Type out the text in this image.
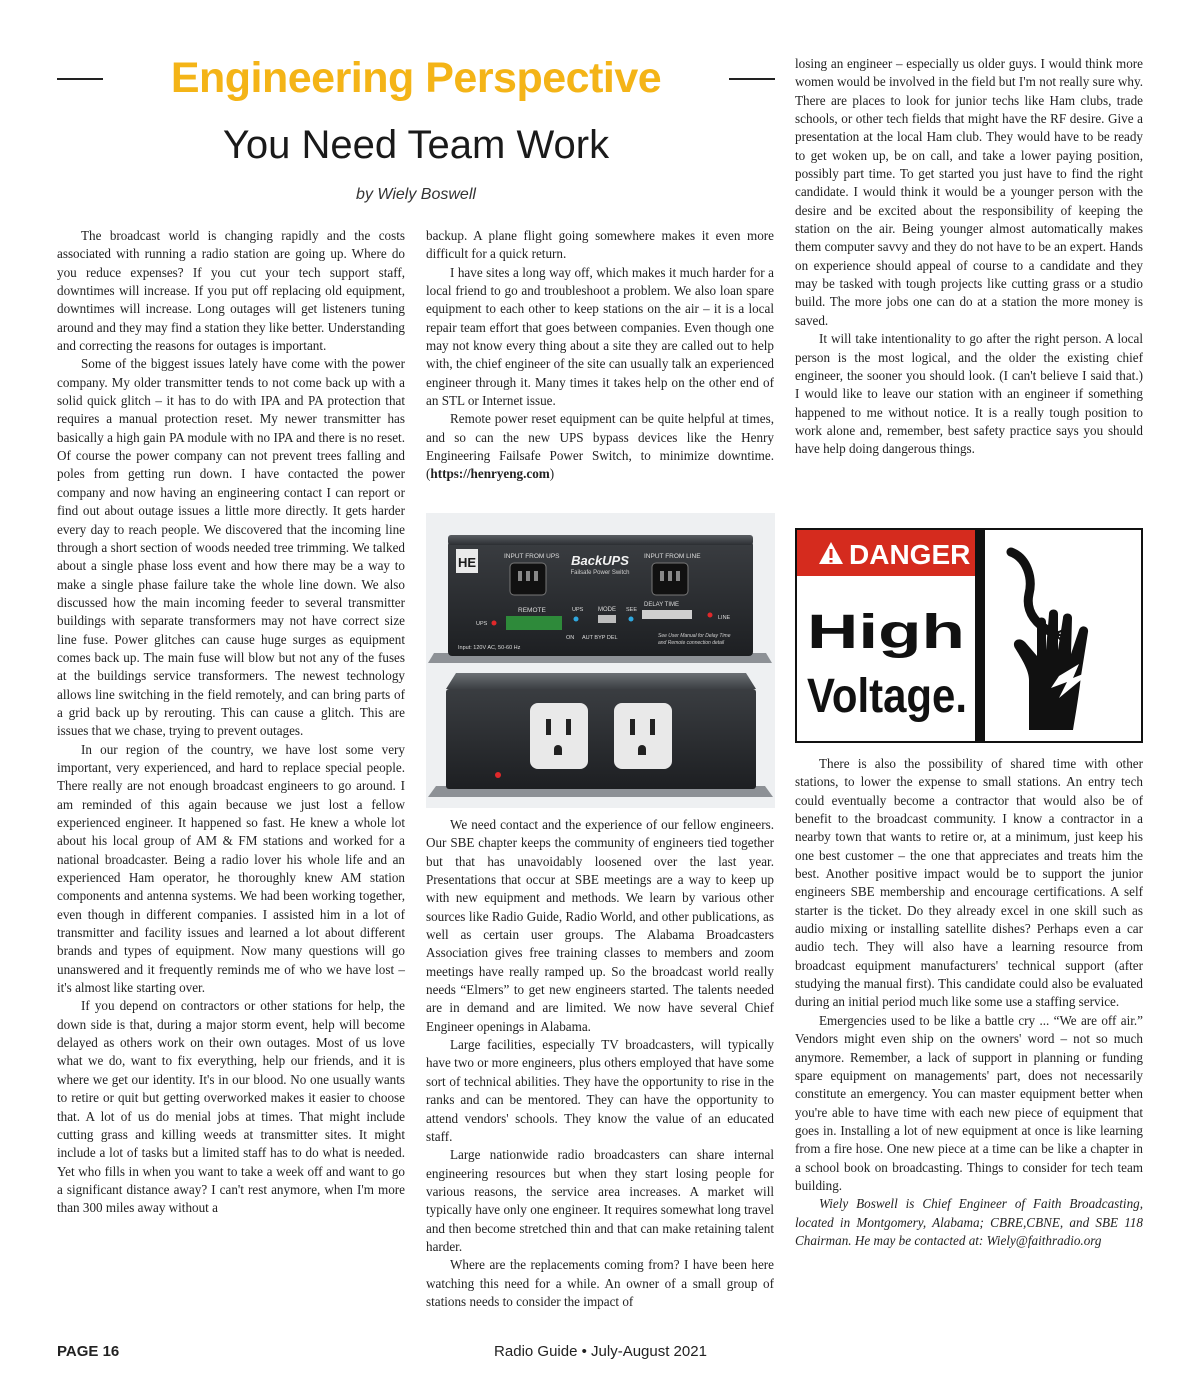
Engineering Perspective
You Need Team Work
by Wiely Boswell

The broadcast world is changing rapidly and the costs associated with running a radio station are going up. Where do you reduce expenses? If you cut your tech support staff, downtimes will increase. If you put off replacing old equipment, downtimes will increase. Long outages will get listeners tuning around and they may find a station they like better. Understanding and correcting the reasons for outages is important.

Some of the biggest issues lately have come with the power company. My older transmitter tends to not come back up with a solid quick glitch – it has to do with IPA and PA protection that requires a manual protection reset. My newer transmitter has basically a high gain PA module with no IPA and there is no reset. Of course the power company can not prevent trees falling and poles from getting run down. I have contacted the power company and now having an engineering contact I can report or find out about outage issues a little more directly. It gets harder every day to reach people. We discovered that the incoming line through a short section of woods needed tree trimming. We talked about a single phase loss event and how there may be a way to make a single phase failure take the whole line down. We also discussed how the main incoming feeder to several transmitter buildings with separate transformers may not have correct size line fuse. Power glitches can cause huge surges as equipment comes back up. The main fuse will blow but not any of the fuses at the buildings service transformers. The newest technology allows line switching in the field remotely, and can bring parts of a grid back up by rerouting. This can cause a glitch. This are issues that we chase, trying to prevent outages.

In our region of the country, we have lost some very important, very experienced, and hard to replace special people. There really are not enough broadcast engineers to go around. I am reminded of this again because we just lost a fellow experienced engineer. It happened so fast. He knew a whole lot about his local group of AM & FM stations and worked for a national broadcaster. Being a radio lover his whole life and an experienced Ham operator, he thoroughly knew AM station components and antenna systems. We had been working together, even though in different companies. I assisted him in a lot of transmitter and facility issues and learned a lot about different brands and types of equipment. Now many questions will go unanswered and it frequently reminds me of who we have lost – it's almost like starting over.

If you depend on contractors or other stations for help, the down side is that, during a major storm event, help will become delayed as others work on their own outages. Most of us love what we do, want to fix everything, help our friends, and it is where we get our identity. It's in our blood. No one usually wants to retire or quit but getting overworked makes it easier to choose that. A lot of us do menial jobs at times. That might include cutting grass and killing weeds at transmitter sites. It might include a lot of tasks but a limited staff has to do what is needed. Yet who fills in when you want to take a week off and want to go a significant distance away? I can't rest anymore, when I'm more than 300 miles away without a

backup. A plane flight going somewhere makes it even more difficult for a quick return.

I have sites a long way off, which makes it much harder for a local friend to go and troubleshoot a problem. We also loan spare equipment to each other to keep stations on the air – it is a local repair team effort that goes between companies. Even though one may not know every thing about a site they are called out to help with, the chief engineer of the site can usually talk an experienced engineer through it. Many times it takes help on the other end of an STL or Internet issue.

Remote power reset equipment can be quite helpful at times, and so can the new UPS bypass devices like the Henry Engineering Failsafe Power Switch, to minimize downtime. (https://henryeng.com)

HE	INPUT FROM UPS	INPUT FROM LINE
BackUPS
Failsafe Power Switch
REMOTE
UPS
UPS MODE SEE
DELAY TIME
LINE
ON AUT BYP DEL
Input: 120V AC, 50-60 Hz
See User Manual for Delay Time
and Remote connection detail

We need contact and the experience of our fellow engineers. Our SBE chapter keeps the community of engineers tied together but that has unavoidably loosened over the last year. Presentations that occur at SBE meetings are a way to keep up with new equipment and methods. We learn by various other sources like Radio Guide, Radio World, and other publications, as well as certain user groups. The Alabama Broadcasters Association gives free training classes to members and zoom meetings have really ramped up. So the broadcast world really needs “Elmers” to get new engineers started. The talents needed are in demand and are limited. We now have several Chief Engineer openings in Alabama.

Large facilities, especially TV broadcasters, will typically have two or more engineers, plus others employed that have some sort of technical abilities. They have the opportunity to rise in the ranks and can be mentored. They can have the opportunity to attend vendors' schools. They know the value of an educated staff.

Large nationwide radio broadcasters can share internal engineering resources but when they start losing people for various reasons, the service area increases. A market will typically have only one engineer. It requires somewhat long travel and then become stretched thin and that can make retaining talent harder.

Where are the replacements coming from? I have been here watching this need for a while. An owner of a small group of stations needs to consider the impact of

losing an engineer – especially us older guys. I would think more women would be involved in the field but I'm not really sure why. There are places to look for junior techs like Ham clubs, trade schools, or other tech fields that might have the RF desire. Give a presentation at the local Ham club. They would have to be ready to get woken up, be on call, and take a lower paying position, possibly part time. To get started you just have to find the right candidate. I would think it would be a younger person with the desire and be excited about the responsibility of keeping the station on the air. Being younger almost automatically makes them computer savvy and they do not have to be an expert. Hands on experience should appeal of course to a candidate and they may be tasked with tough projects like cutting grass or a studio build. The more jobs one can do at a station the more money is saved.

It will take intentionality to go after the right person. A local person is the most logical, and the older the existing chief engineer, the sooner you should look. (I can't believe I said that.) I would like to leave our station with an engineer if something happened to me without notice. It is a really tough position to work alone and, remember, best safety practice says you should have help doing dangerous things.

DANGER
High
Voltage.

There is also the possibility of shared time with other stations, to lower the expense to small stations. An entry tech could eventually become a contractor that would also be of benefit to the broadcast community. I know a contractor in a nearby town that wants to retire or, at a minimum, just keep his one best customer – the one that appreciates and treats him the best. Another positive impact would be to support the junior engineers SBE membership and encourage certifications. A self starter is the ticket. Do they already excel in one skill such as audio mixing or installing satellite dishes? Perhaps even a car audio tech. They will also have a learning resource from broadcast equipment manufacturers' technical support (after studying the manual first). This candidate could also be evaluated during an initial period much like some use a staffing service.

Emergencies used to be like a battle cry ... “We are off air.” Vendors might even ship on the owners' word – not so much anymore. Remember, a lack of support in planning or funding spare equipment on managements' part, does not necessarily constitute an emergency. You can master equipment better when you're able to have time with each new piece of equipment that goes in. Installing a lot of new equipment at once is like learning from a fire hose. One new piece at a time can be like a chapter in a school book on broadcasting. Things to consider for tech team building.

Wiely Boswell is Chief Engineer of Faith Broadcasting, located in Montgomery, Alabama; CBRE,CBNE, and SBE 118 Chairman. He may be contacted at: Wiely@faithradio.org

PAGE 16	Radio Guide • July-August 2021
